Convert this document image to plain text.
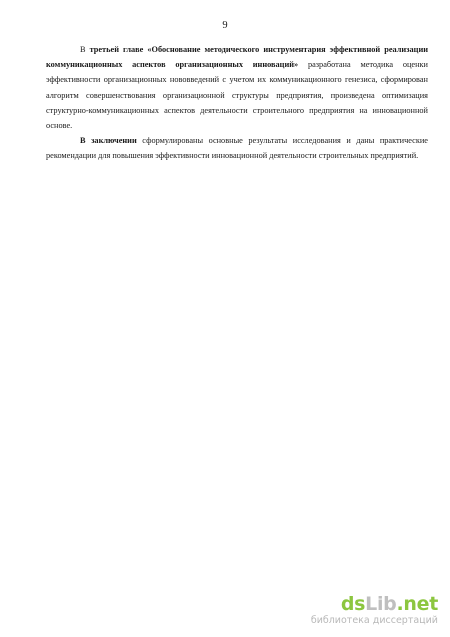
9

В третьей главе «Обоснование методического инструментария эффективной реализации коммуникационных аспектов организационных инноваций» разработана методика оценки эффективности организационных нововведений с учетом их коммуникационного генезиса, сформирован алгоритм совершенствования организационной структуры предприятия, произведена оптимизация структурно-коммуникационных аспектов деятельности строительного предприятия на инновационной основе.

В заключении сформулированы основные результаты исследования и даны практические рекомендации для повышения эффективности инновационной деятельности строительных предприятий.

dsLib.net
библиотека диссертаций
